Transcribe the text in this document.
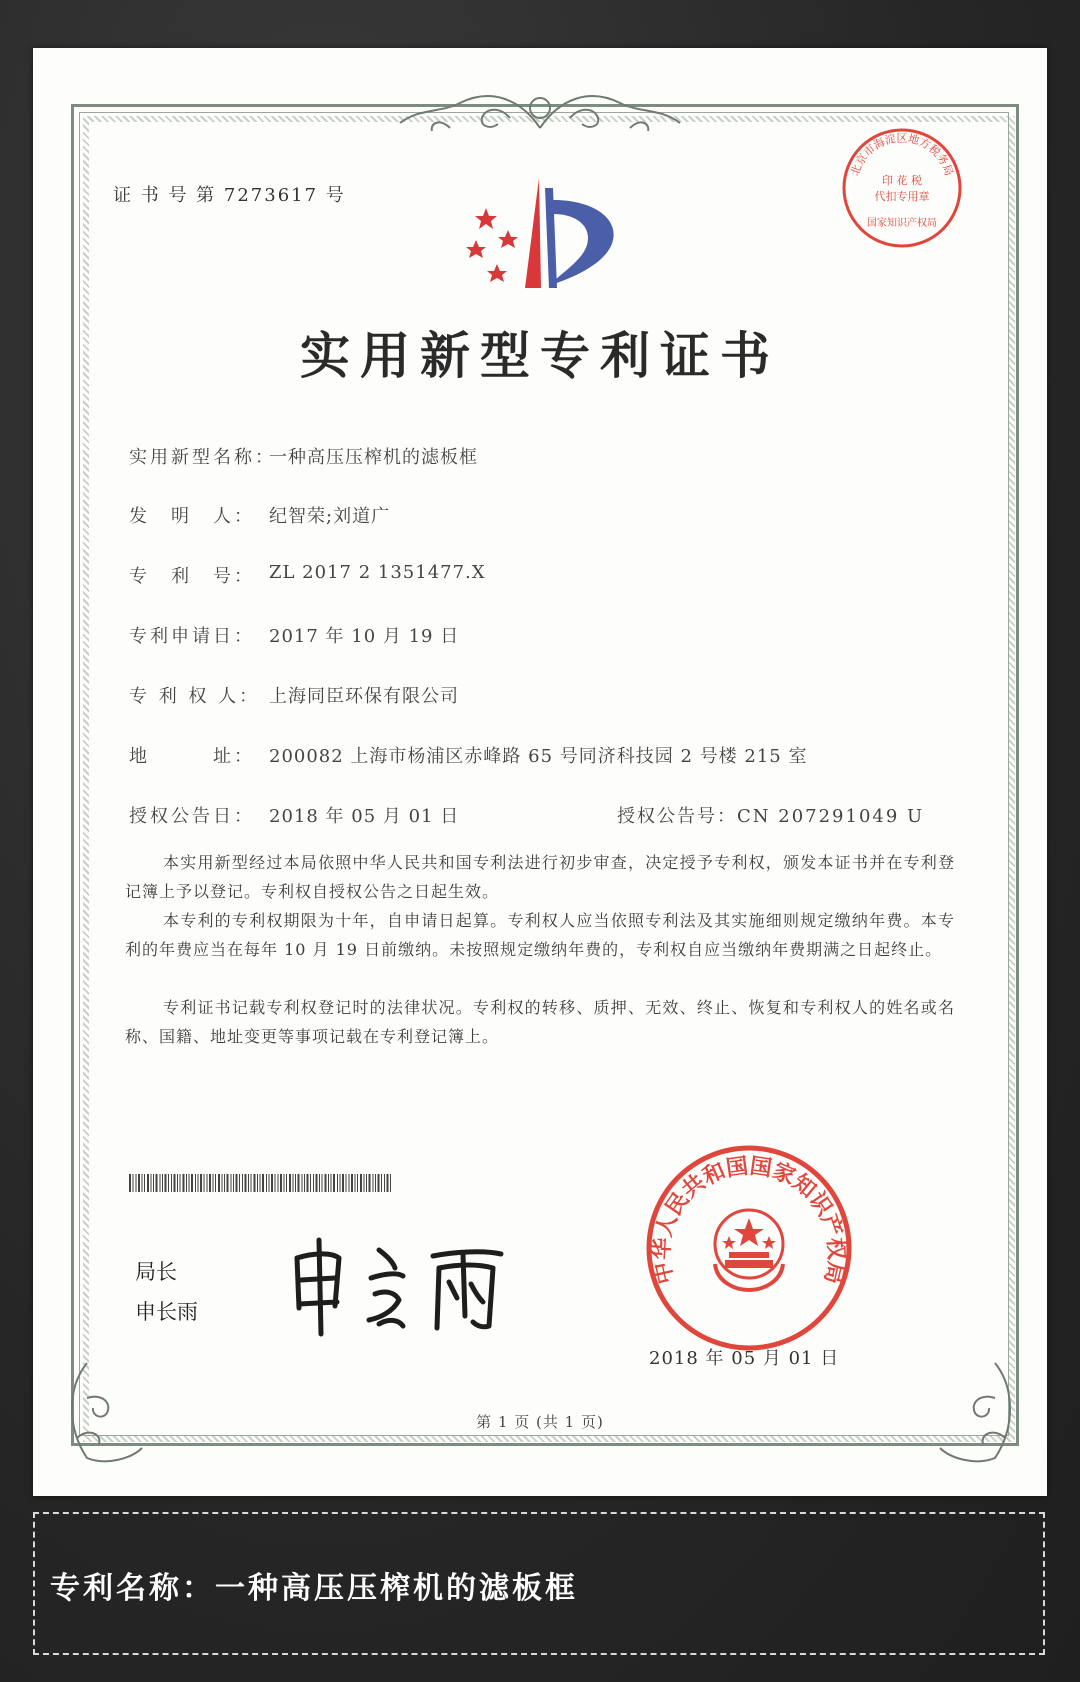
证 书 号 第 7273617 号
北京市海淀区地方税务局
印 花 税
代扣专用章
国家知识产权局
实用新型专利证书
实用新型名称：
一种高压压榨机的滤板框
发　明　人： 纪智荣;刘道广
专　利　号： ZL 2017 2 1351477.X
专利申请日： 2017 年 10 月 19 日
专 利 权 人： 上海同臣环保有限公司
地　　　址： 200082 上海市杨浦区赤峰路 65 号同济科技园 2 号楼 215 室
授权公告日： 2018 年 05 月 01 日	授权公告号：CN 207291049 U
本实用新型经过本局依照中华人民共和国专利法进行初步审查，决定授予专利权，颁发本证书并在专利登记簿上予以登记。专利权自授权公告之日起生效。
本专利的专利权期限为十年，自申请日起算。专利权人应当依照专利法及其实施细则规定缴纳年费。本专利的年费应当在每年 10 月 19 日前缴纳。未按照规定缴纳年费的，专利权自应当缴纳年费期满之日起终止。
专利证书记载专利权登记时的法律状况。专利权的转移、质押、无效、终止、恢复和专利权人的姓名或名称、国籍、地址变更等事项记载在专利登记簿上。
局长
申长雨
中华人民共和国国家知识产权局
2018 年 05 月 01 日
第 1 页 (共 1 页)
专利名称：一种高压压榨机的滤板框
